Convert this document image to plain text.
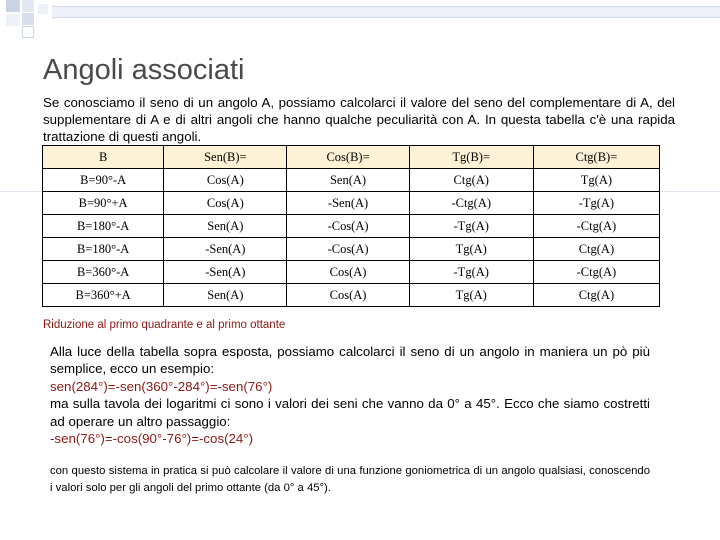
Angoli associati

Se conosciamo il seno di un angolo A, possiamo calcolarci il valore del seno del complementare di A, del supplementare di A e di altri angoli che hanno qualche peculiarità con A. In questa tabella c'è una rapida trattazione di questi angoli.

B	Sen(B)=	Cos(B)=	Tg(B)=	Ctg(B)=
B=90°-A	Cos(A)	Sen(A)	Ctg(A)	Tg(A)
B=90°+A	Cos(A)	-Sen(A)	-Ctg(A)	-Tg(A)
B=180°-A	Sen(A)	-Cos(A)	-Tg(A)	-Ctg(A)
B=180°-A	-Sen(A)	-Cos(A)	Tg(A)	Ctg(A)
B=360°-A	-Sen(A)	Cos(A)	-Tg(A)	-Ctg(A)
B=360°+A	Sen(A)	Cos(A)	Tg(A)	Ctg(A)

Riduzione al primo quadrante e al primo ottante

Alla luce della tabella sopra esposta, possiamo calcolarci il seno di un angolo in maniera un pò più semplice, ecco un esempio:
sen(284°)=-sen(360°-284°)=-sen(76°)
ma sulla tavola dei logaritmi ci sono i valori dei seni che vanno da 0° a 45°. Ecco che siamo costretti ad operare un altro passaggio:
-sen(76°)=-cos(90°-76°)=-cos(24°)

con questo sistema in pratica si può calcolare il valore di una funzione goniometrica di un angolo qualsiasi, conoscendo i valori solo per gli angoli del primo ottante (da 0° a 45°).
